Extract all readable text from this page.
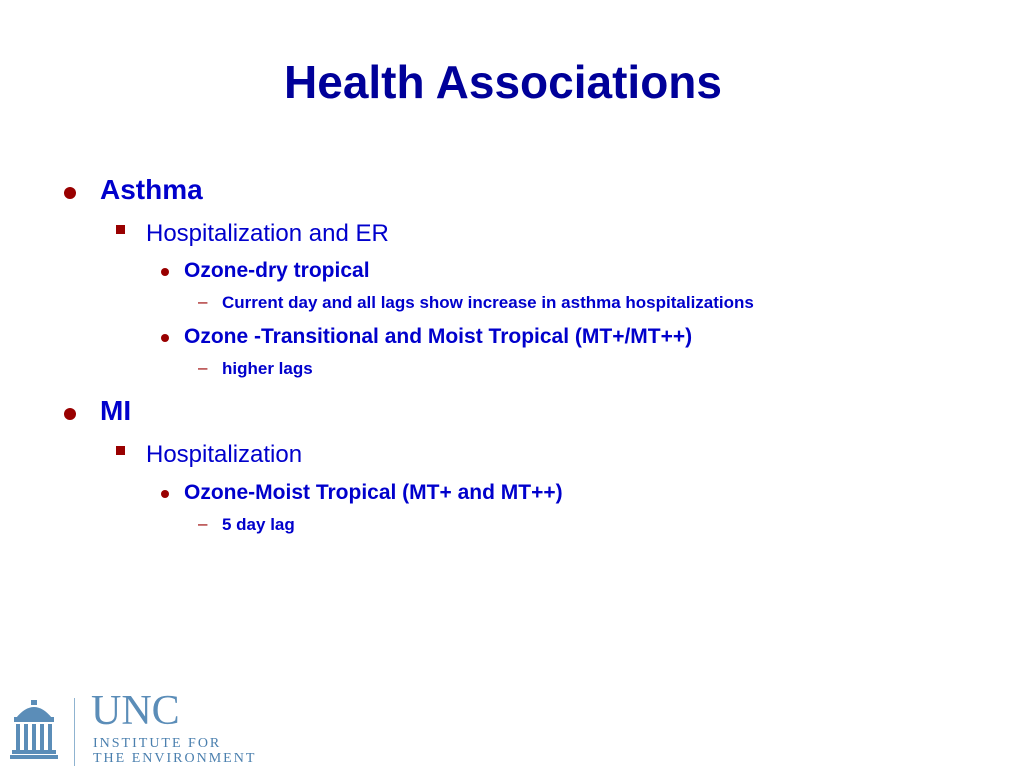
Health Associations
Asthma
Hospitalization and ER
Ozone-dry tropical
– Current day and all lags show increase in asthma hospitalizations
Ozone -Transitional and Moist Tropical (MT+/MT++)
– higher lags
MI
Hospitalization
Ozone-Moist Tropical (MT+ and MT++)
– 5 day lag
UNC
INSTITUTE FOR
THE ENVIRONMENT
